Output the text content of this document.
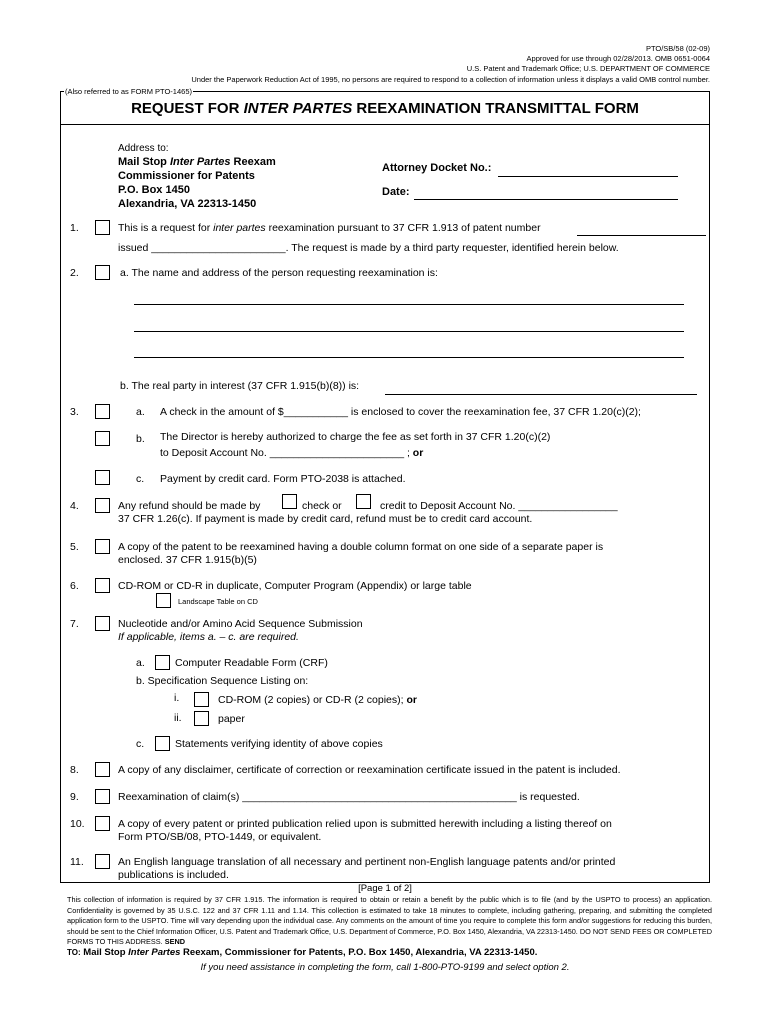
PTO/SB/58 (02-09)
Approved for use through 02/28/2013. OMB 0651-0064
U.S. Patent and Trademark Office; U.S. DEPARTMENT OF COMMERCE
Under the Paperwork Reduction Act of 1995, no persons are required to respond to a collection of information unless it displays a valid OMB control number.
(Also referred to as FORM PTO-1465)
REQUEST FOR INTER PARTES REEXAMINATION TRANSMITTAL FORM
Address to:
Mail Stop Inter Partes Reexam
Commissioner for Patents
P.O. Box 1450
Alexandria, VA 22313-1450
Attorney Docket No.:
Date:
1.	This is a request for inter partes reexamination pursuant to 37 CFR 1.913 of patent number
issued _______________________. The request is made by a third party requester, identified herein below.
2.	a. The name and address of the person requesting reexamination is:
b. The real party in interest (37 CFR 1.915(b)(8)) is:
3.	a. A check in the amount of $___________ is enclosed to cover the reexamination fee, 37 CFR 1.20(c)(2);
b. The Director is hereby authorized to charge the fee as set forth in 37 CFR 1.20(c)(2)
to Deposit Account No. _______________________ ; or
c. Payment by credit card. Form PTO-2038 is attached.
4.	Any refund should be made by	check or	credit to Deposit Account No. _________________
37 CFR 1.26(c). If payment is made by credit card, refund must be to credit card account.
5.	A copy of the patent to be reexamined having a double column format on one side of a separate paper is
enclosed. 37 CFR 1.915(b)(5)
6.	CD-ROM or CD-R in duplicate, Computer Program (Appendix) or large table
Landscape Table on CD
7.	Nucleotide and/or Amino Acid Sequence Submission
If applicable, items a. – c. are required.
a.	Computer Readable Form (CRF)
b. Specification Sequence Listing on:
i.	CD-ROM (2 copies) or CD-R (2 copies); or
ii.	paper
c.	Statements verifying identity of above copies
8.	A copy of any disclaimer, certificate of correction or reexamination certificate issued in the patent is included.
9.	Reexamination of claim(s) _______________________________________________ is requested.
10.	A copy of every patent or printed publication relied upon is submitted herewith including a listing thereof on
Form PTO/SB/08, PTO-1449, or equivalent.
11.	An English language translation of all necessary and pertinent non-English language patents and/or printed
publications is included.
[Page 1 of 2]
This collection of information is required by 37 CFR 1.915. The information is required to obtain or retain a benefit by the public which is to file (and by the USPTO to process) an application. Confidentiality is governed by 35 U.S.C. 122 and 37 CFR 1.11 and 1.14. This collection is estimated to take 18 minutes to complete, including gathering, preparing, and submitting the completed application form to the USPTO. Time will vary depending upon the individual case. Any comments on the amount of time you require to complete this form and/or suggestions for reducing this burden, should be sent to the Chief Information Officer, U.S. Patent and Trademark Office, U.S. Department of Commerce, P.O. Box 1450, Alexandria, VA 22313-1450. DO NOT SEND FEES OR COMPLETED FORMS TO THIS ADDRESS. SEND
TO: Mail Stop Inter Partes Reexam, Commissioner for Patents, P.O. Box 1450, Alexandria, VA 22313-1450.
If you need assistance in completing the form, call 1-800-PTO-9199 and select option 2.
